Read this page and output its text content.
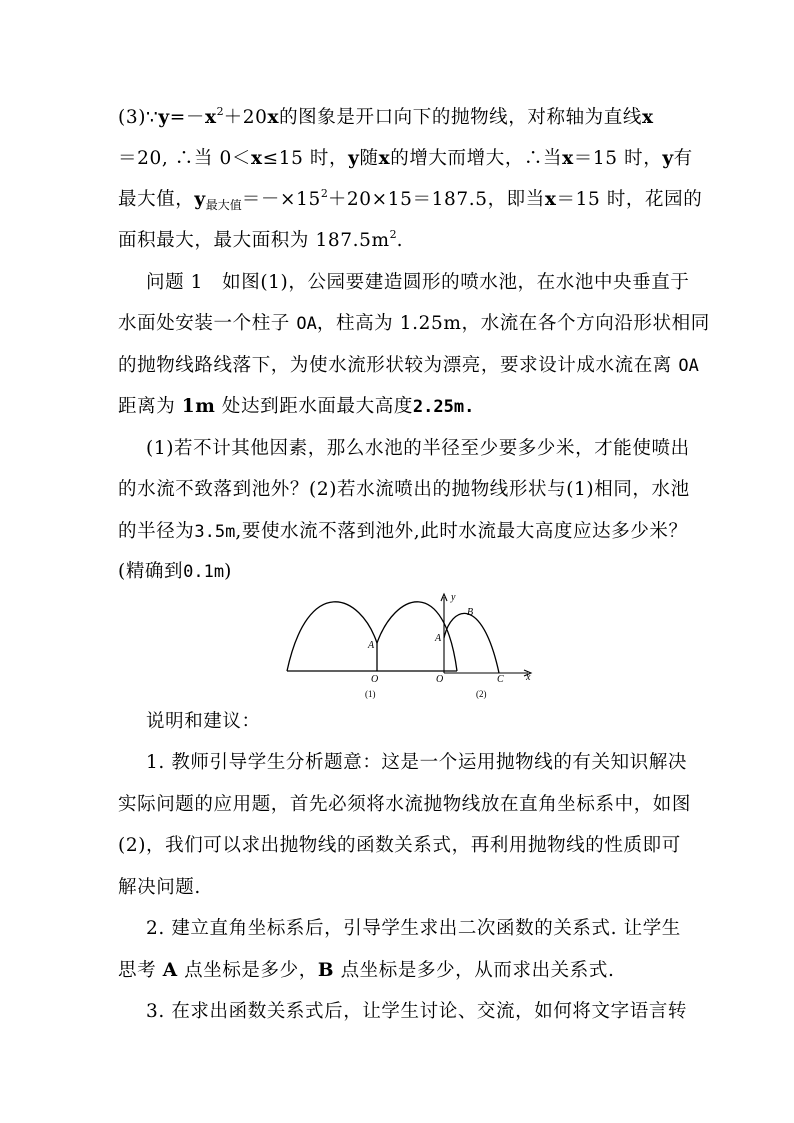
$(3)\because y=-x^2+20x$的图象是开口向下的抛物线，对称轴为直线x
＝20, ∴当 0＜x≤15 时，y随x的增大而增大，∴当x＝15 时，y有
最大值，$y_{最大值}=-\times 15^2+20\times 15=187.5$，即当x＝15 时，花园的
面积最大，最大面积为 $187.5m^2$.
问题 1　如图(1)，公园要建造圆形的喷水池，在水池中央垂直于
水面处安装一个柱子 OA，柱高为 1.25m，水流在各个方向沿形状相同
的抛物线路线落下，为使水流形状较为漂亮，要求设计成水流在离 OA
距离为 1m 处达到距水面最大高度2.25m.
(1)若不计其他因素，那么水池的半径至少要多少米，才能使喷出
的水流不致落到池外？(2)若水流喷出的抛物线形状与(1)相同，水池
的半径为3.5m,要使水流不落到池外,此时水流最大高度应达多少米？
(精确到0.1m)
A
O
(1)
y
B
A
O	C x
(2)
说明和建议：
1. 教师引导学生分析题意：这是一个运用抛物线的有关知识解决
实际问题的应用题，首先必须将水流抛物线放在直角坐标系中，如图
(2)，我们可以求出抛物线的函数关系式，再利用抛物线的性质即可
解决问题.
2. 建立直角坐标系后，引导学生求出二次函数的关系式. 让学生
思考 A 点坐标是多少，B 点坐标是多少，从而求出关系式.
3. 在求出函数关系式后，让学生讨论、交流，如何将文字语言转
